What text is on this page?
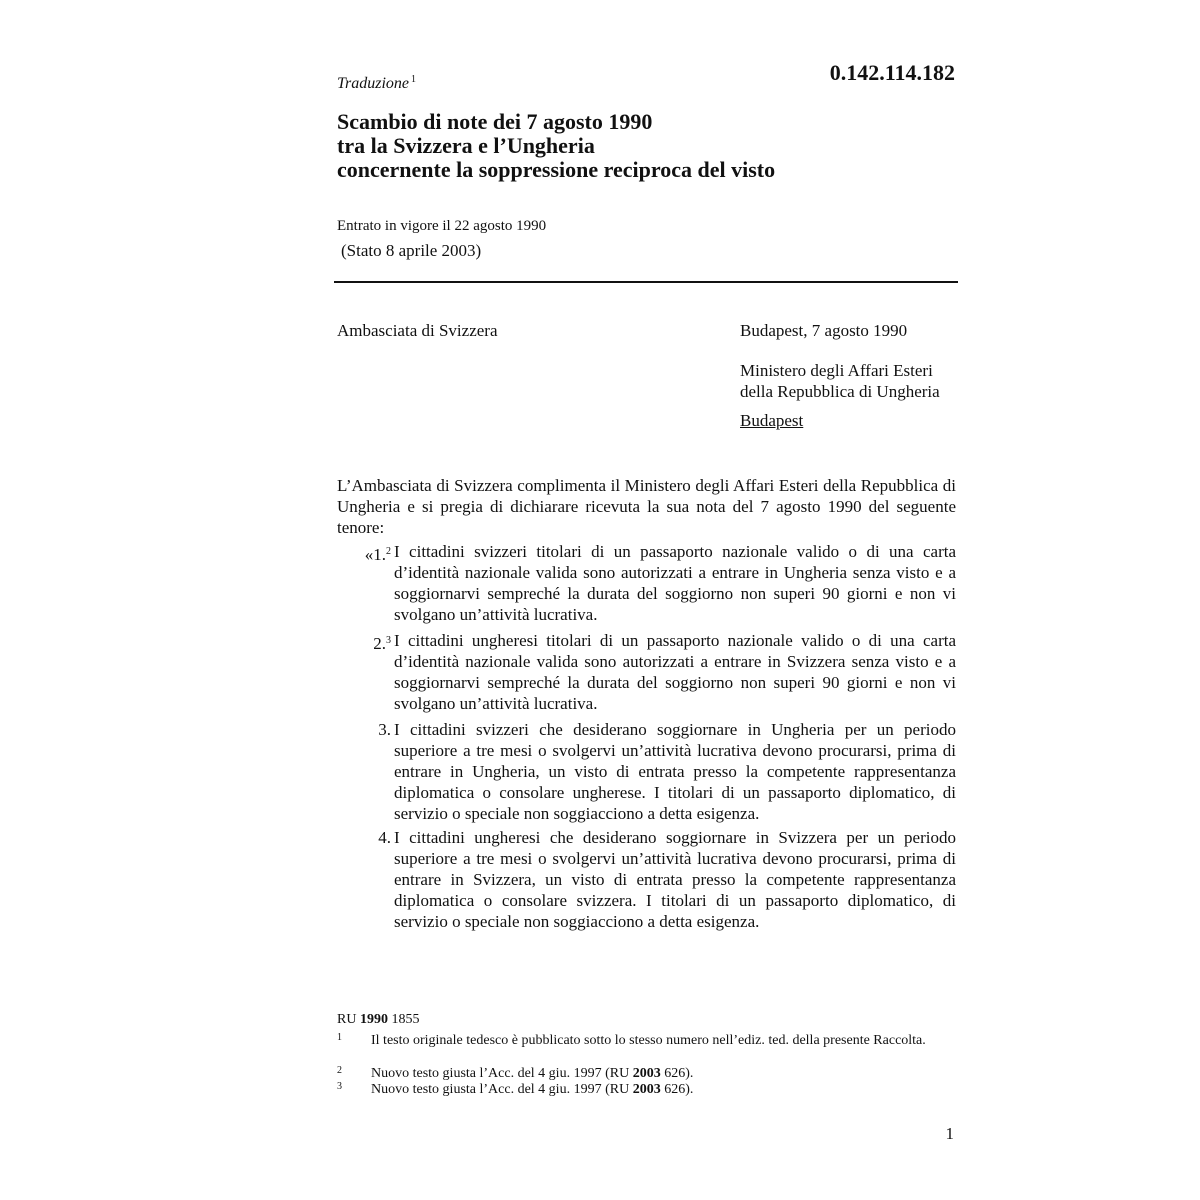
Traduzione $^1$	0.142.114.182
Scambio di note dei 7 agosto 1990
tra la Svizzera e l’Ungheria
concernente la soppressione reciproca del visto
Entrato in vigore il 22 agosto 1990
(Stato 8 aprile 2003)
Ambasciata di Svizzera	Budapest, 7 agosto 1990
Ministero degli Affari Esteri
della Repubblica di Ungheria
Budapest
L’Ambasciata di Svizzera complimenta il Ministero degli Affari Esteri della Repubblica di Ungheria e si pregia di dichiarare ricevuta la sua nota del 7 agosto 1990 del seguente tenore:
«1.$^2$ I cittadini svizzeri titolari di un passaporto nazionale valido o di una carta d’identità nazionale valida sono autorizzati a entrare in Ungheria senza visto e a soggiornarvi sempreché la durata del soggiorno non superi 90 giorni e non vi svolgano un’attività lucrativa.
2.$^3$ I cittadini ungheresi titolari di un passaporto nazionale valido o di una carta d’identità nazionale valida sono autorizzati a entrare in Svizzera senza visto e a soggiornarvi sempreché la durata del soggiorno non superi 90 giorni e non vi svolgano un’attività lucrativa.
3. I cittadini svizzeri che desiderano soggiornare in Ungheria per un periodo superiore a tre mesi o svolgervi un’attività lucrativa devono procurarsi, prima di entrare in Ungheria, un visto di entrata presso la competente rappresentanza diplomatica o consolare ungherese. I titolari di un passaporto diplomatico, di servizio o speciale non soggiacciono a detta esigenza.
4. I cittadini ungheresi che desiderano soggiornare in Svizzera per un periodo superiore a tre mesi o svolgervi un’attività lucrativa devono procurarsi, prima di entrare in Svizzera, un visto di entrata presso la competente rappresentanza diplomatica o consolare svizzera. I titolari di un passaporto diplomatico, di servizio o speciale non soggiacciono a detta esigenza.
RU 1990 1855
1 Il testo originale tedesco è pubblicato sotto lo stesso numero nell’ediz. ted. della presente Raccolta.
2 Nuovo testo giusta l’Acc. del 4 giu. 1997 (RU 2003 626).
3 Nuovo testo giusta l’Acc. del 4 giu. 1997 (RU 2003 626).
1
